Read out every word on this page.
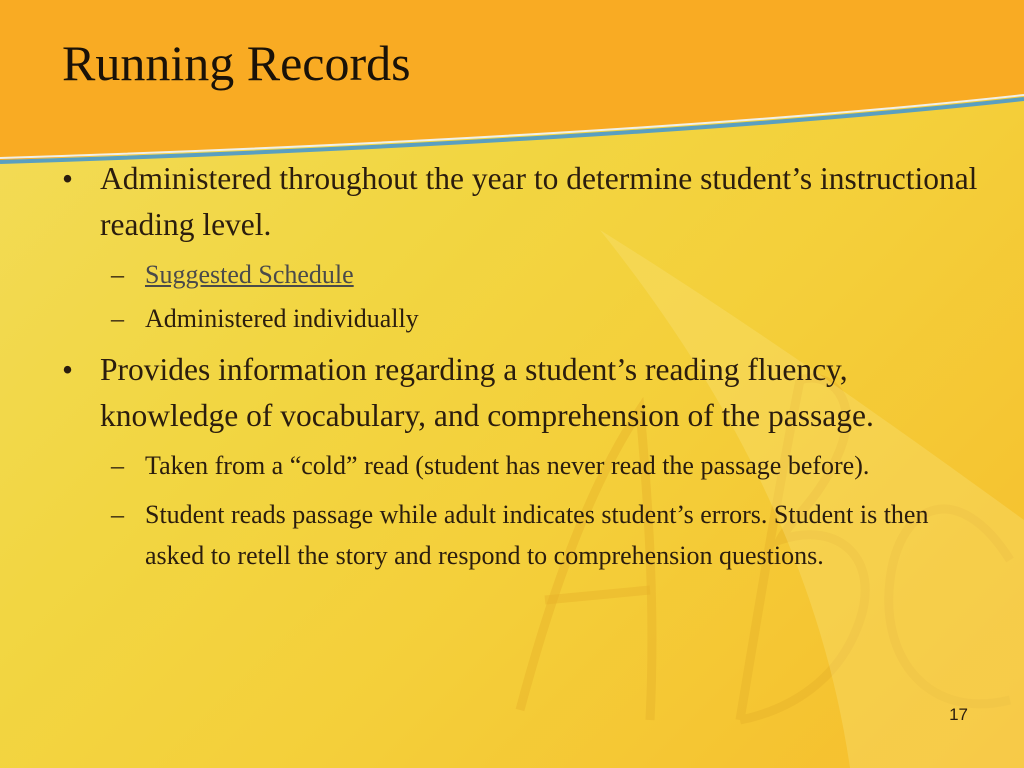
Running Records
• Administered throughout the year to determine student’s instructional reading level.
– Suggested Schedule
– Administered individually
• Provides information regarding a student’s reading fluency, knowledge of vocabulary, and comprehension of the passage.
– Taken from a “cold” read (student has never read the passage before).
– Student reads passage while adult indicates student’s errors. Student is then asked to retell the story and respond to comprehension questions.
17
